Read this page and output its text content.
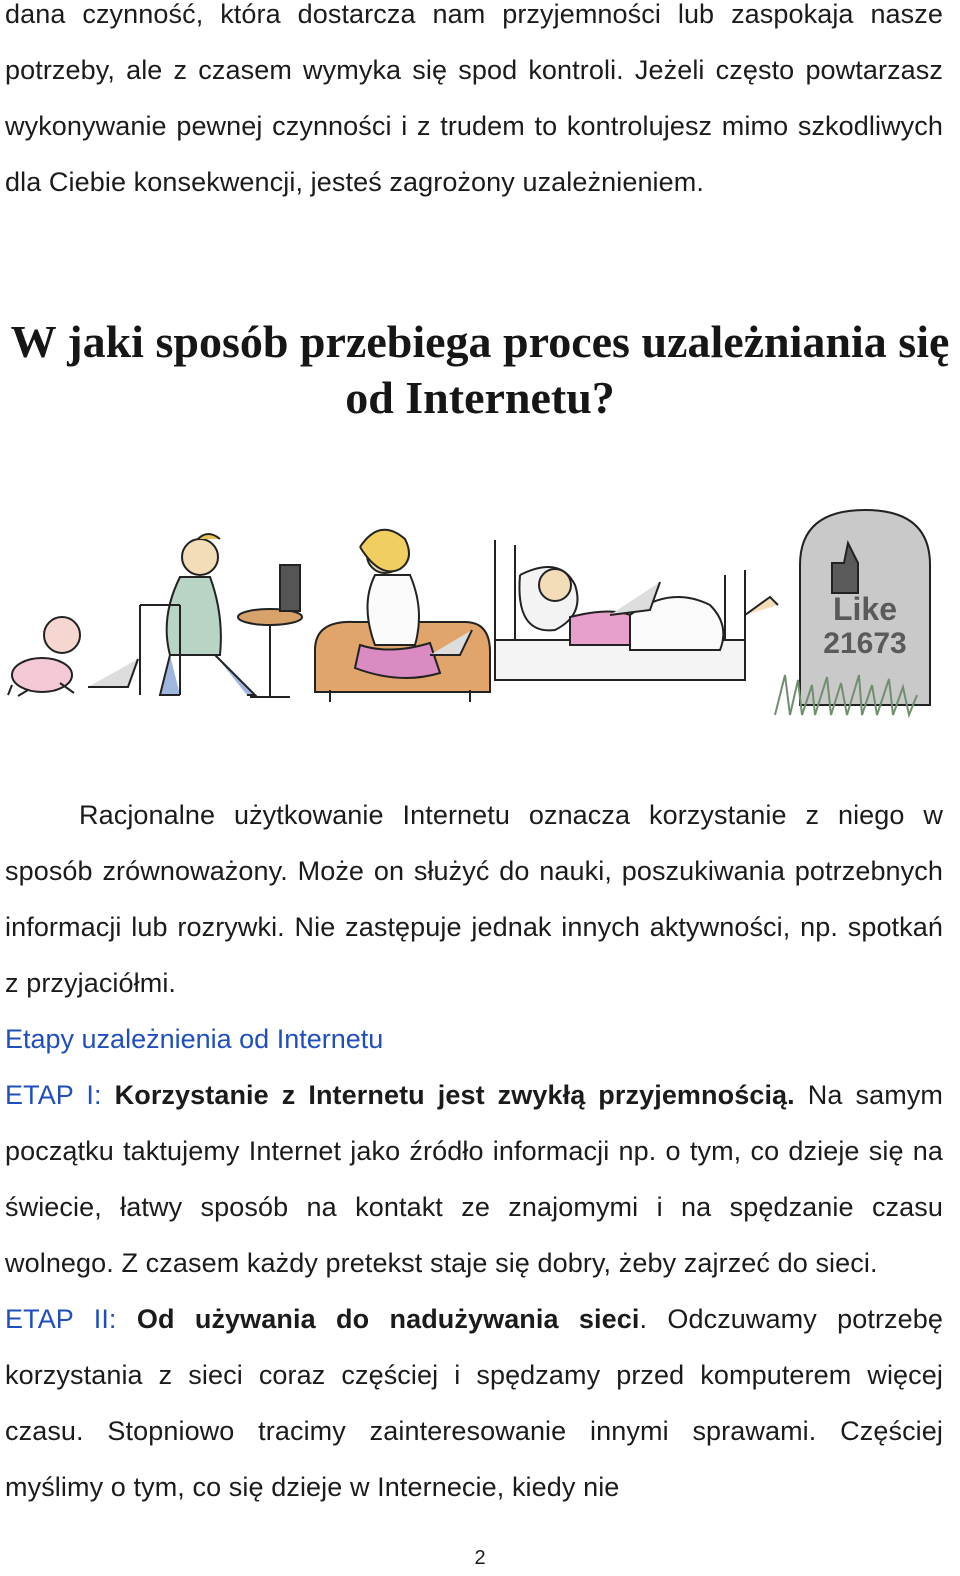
dana czynność, która dostarcza nam przyjemności lub zaspokaja nasze potrzeby, ale z czasem wymyka się spod kontroli. Jeżeli często powtarzasz wykonywanie pewnej czynności i z trudem to kontrolujesz mimo szkodliwych dla Ciebie konsekwencji, jesteś zagrożony uzależnieniem.

W jaki sposób przebiega proces uzależniania się
od Internetu?
Like
21673

Racjonalne użytkowanie Internetu oznacza korzystanie z niego w sposób zrównoważony. Może on służyć do nauki, poszukiwania potrzebnych informacji lub rozrywki. Nie zastępuje jednak innych aktywności, np. spotkań z przyjaciółmi.

Etapy uzależnienia od Internetu

ETAP I: Korzystanie z Internetu jest zwykłą przyjemnością. Na samym początku taktujemy Internet jako źródło informacji np. o tym, co dzieje się na świecie, łatwy sposób na kontakt ze znajomymi i na spędzanie czasu wolnego. Z czasem każdy pretekst staje się dobry, żeby zajrzeć do sieci.

ETAP II: Od używania do nadużywania sieci. Odczuwamy potrzebę korzystania z sieci coraz częściej i spędzamy przed komputerem więcej czasu. Stopniowo tracimy zainteresowanie innymi sprawami. Częściej myślimy o tym, co się dzieje w Internecie, kiedy nie

2
